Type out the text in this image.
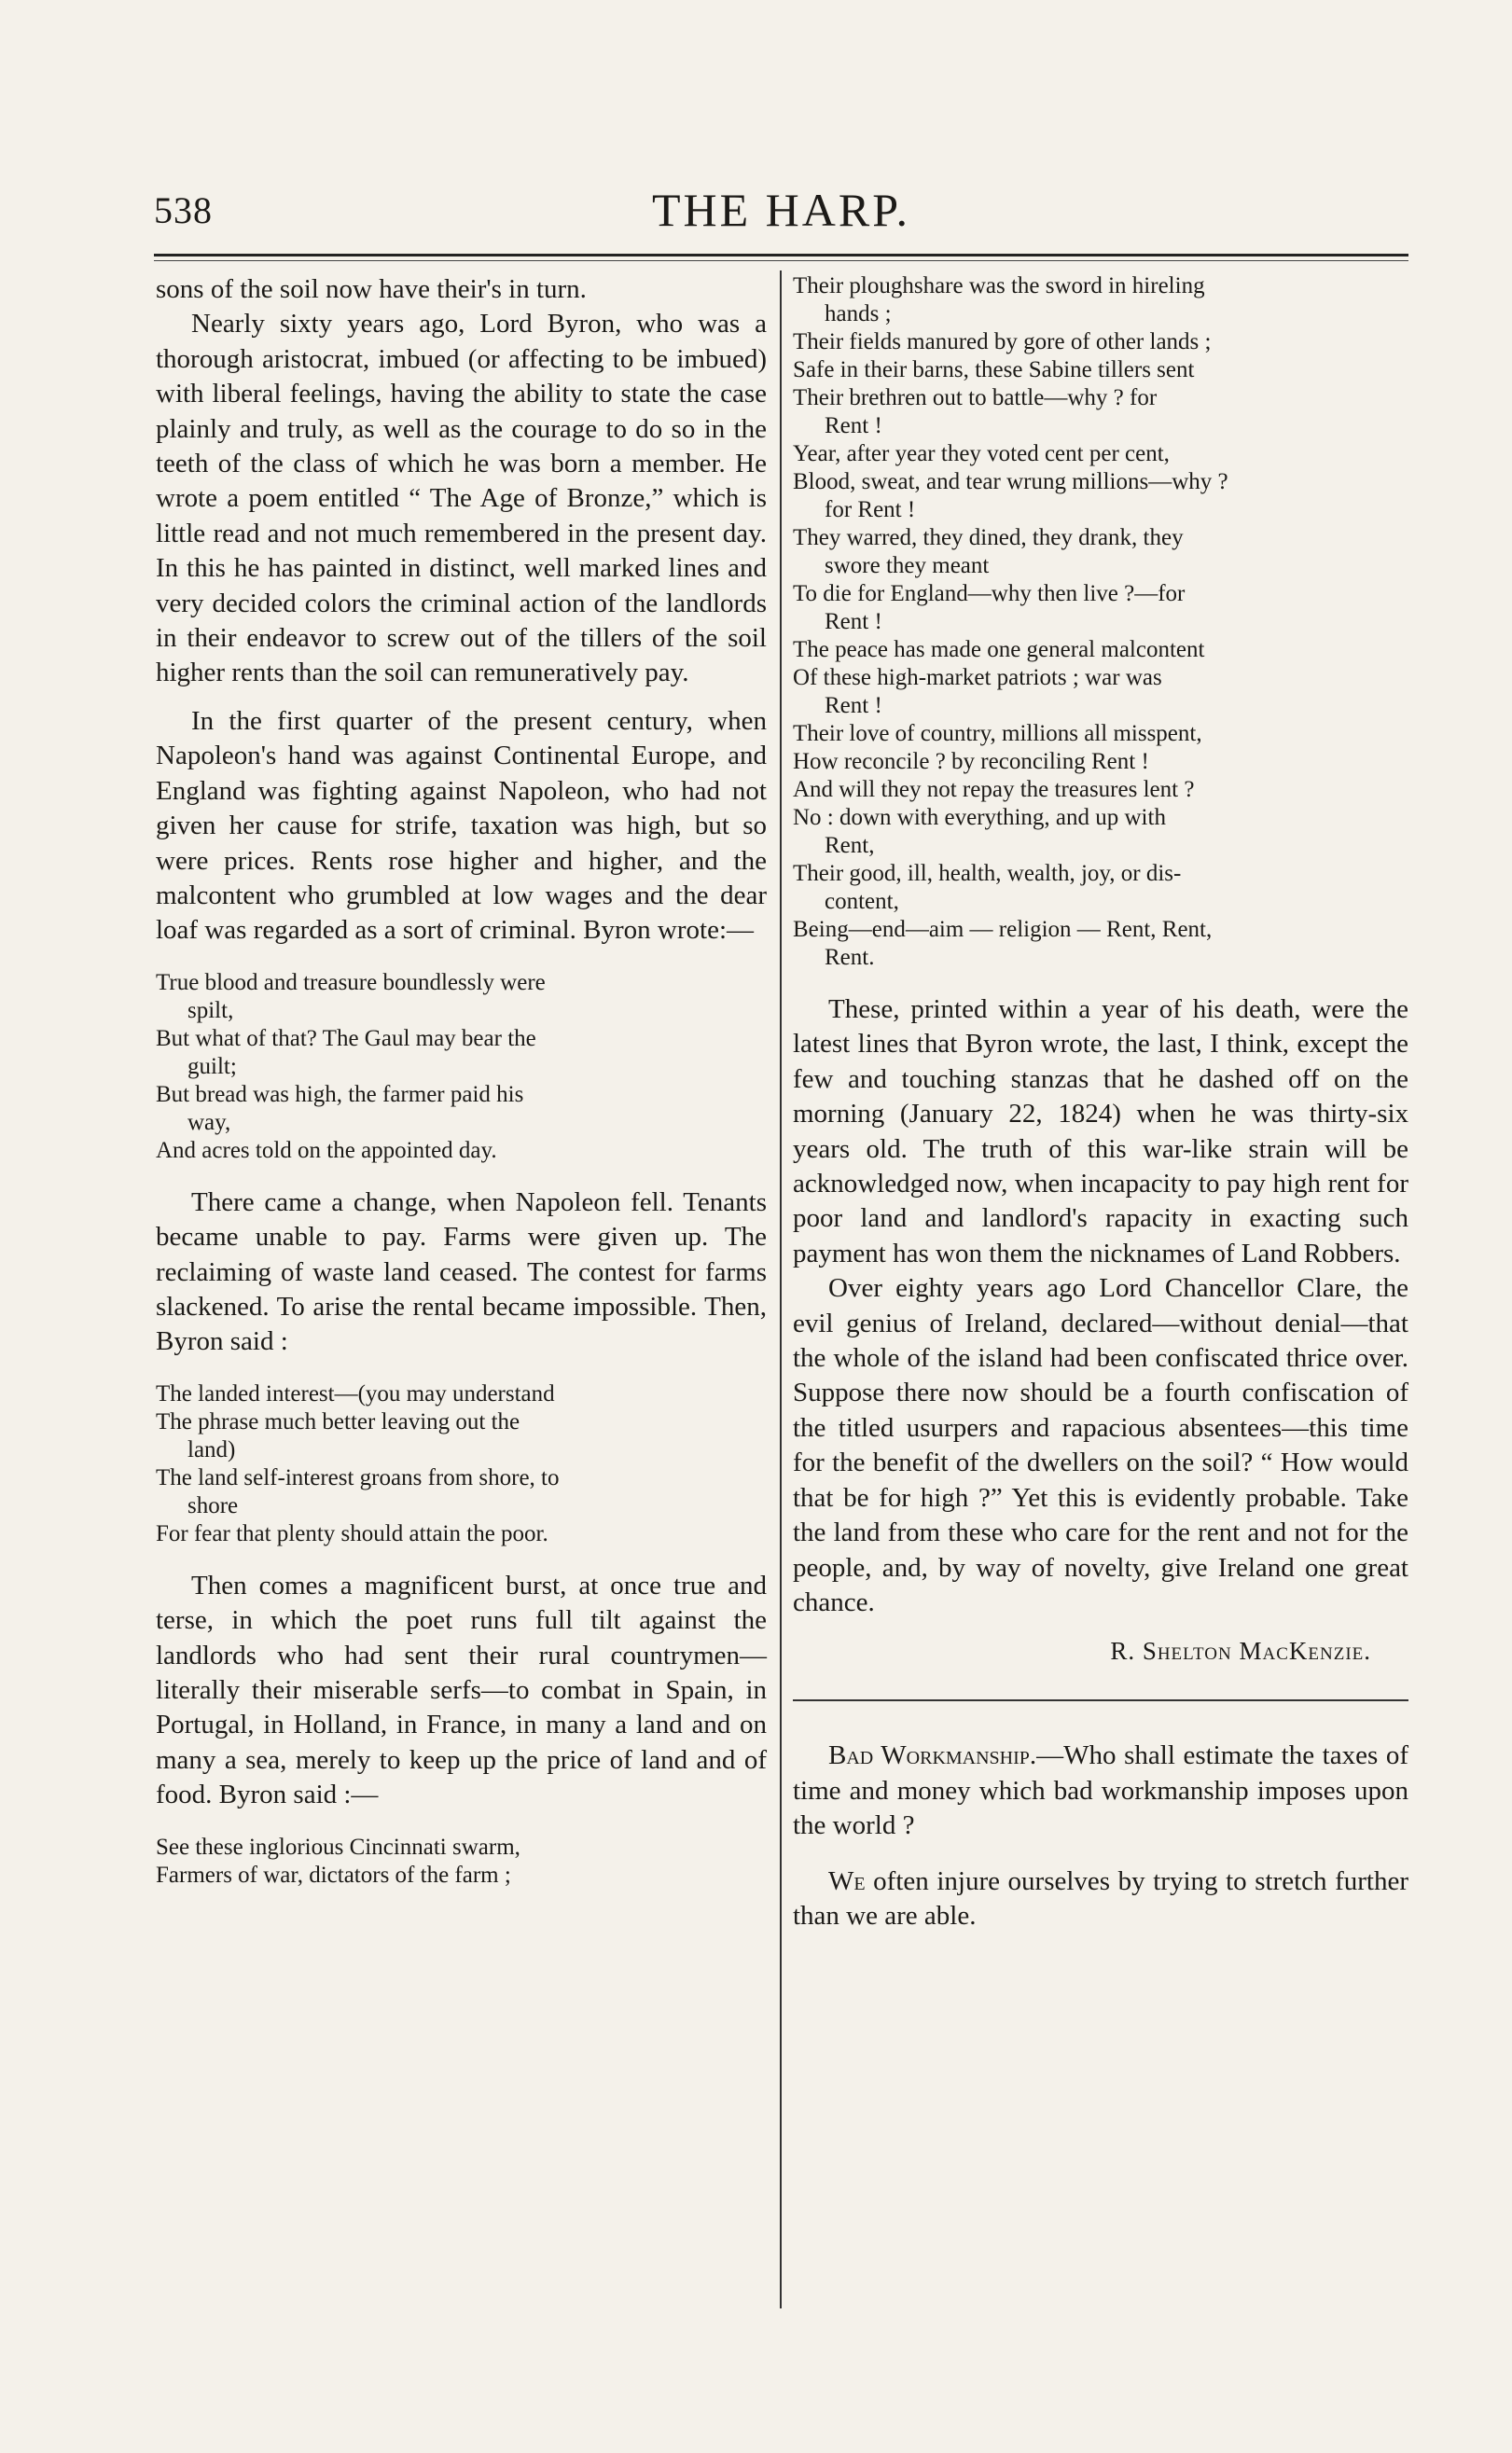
538	THE HARP.

sons of the soil now have their's in turn.

Nearly sixty years ago, Lord Byron, who was a thorough aristocrat, imbued (or affecting to be imbued) with liberal feelings, having the ability to state the case plainly and truly, as well as the courage to do so in the teeth of the class of which he was born a member. He wrote a poem entitled “ The Age of Bronze,” which is little read and not much remembered in the present day. In this he has painted in distinct, well marked lines and very decided colors the criminal action of the landlords in their endeavor to screw out of the tillers of the soil higher rents than the soil can remuneratively pay.

In the first quarter of the present century, when Napoleon's hand was against Continental Europe, and England was fighting against Napoleon, who had not given her cause for strife, taxation was high, but so were prices. Rents rose higher and higher, and the malcontent who grumbled at low wages and the dear loaf was regarded as a sort of criminal. Byron wrote:—

True blood and treasure boundlessly were

spilt,

But what of that? The Gaul may bear the

guilt;

But bread was high, the farmer paid his

way,

And acres told on the appointed day.

There came a change, when Napoleon fell. Tenants became unable to pay. Farms were given up. The reclaiming of waste land ceased. The contest for farms slackened. To arise the rental became impossible. Then, Byron said :

The landed interest—(you may understand

The phrase much better leaving out the

land)

The land self-interest groans from shore, to

shore

For fear that plenty should attain the poor.

Then comes a magnificent burst, at once true and terse, in which the poet runs full tilt against the landlords who had sent their rural countrymen—literally their miserable serfs—to combat in Spain, in Portugal, in Holland, in France, in many a land and on many a sea, merely to keep up the price of land and of food. Byron said :—

See these inglorious Cincinnati swarm,

Farmers of war, dictators of the farm ;

Their ploughshare was the sword in hireling

hands ;

Their fields manured by gore of other lands ;

Safe in their barns, these Sabine tillers sent

Their brethren out to battle—why ? for

Rent !

Year, after year they voted cent per cent,

Blood, sweat, and tear wrung millions—why ?

for Rent !

They warred, they dined, they drank, they

swore they meant

To die for England—why then live ?—for

Rent !

The peace has made one general malcontent

Of these high-market patriots ; war was

Rent !

Their love of country, millions all misspent,

How reconcile ? by reconciling Rent !

And will they not repay the treasures lent ?

No : down with everything, and up with

Rent,

Their good, ill, health, wealth, joy, or dis-

content,

Being—end—aim — religion — Rent, Rent,

Rent.

These, printed within a year of his death, were the latest lines that Byron wrote, the last, I think, except the few and touching stanzas that he dashed off on the morning (January 22, 1824) when he was thirty-six years old. The truth of this war-like strain will be acknowledged now, when incapacity to pay high rent for poor land and landlord's rapacity in exacting such payment has won them the nicknames of Land Robbers.

Over eighty years ago Lord Chancellor Clare, the evil genius of Ireland, declared—without denial—that the whole of the island had been confiscated thrice over. Suppose there now should be a fourth confiscation of the titled usurpers and rapacious absentees—this time for the benefit of the dwellers on the soil? “ How would that be for high ?” Yet this is evidently probable. Take the land from these who care for the rent and not for the people, and, by way of novelty, give Ireland one great chance.

R. Shelton MacKenzie.

Bad Workmanship.—Who shall estimate the taxes of time and money which bad workmanship imposes upon the world ?

We often injure ourselves by trying to stretch further than we are able.
